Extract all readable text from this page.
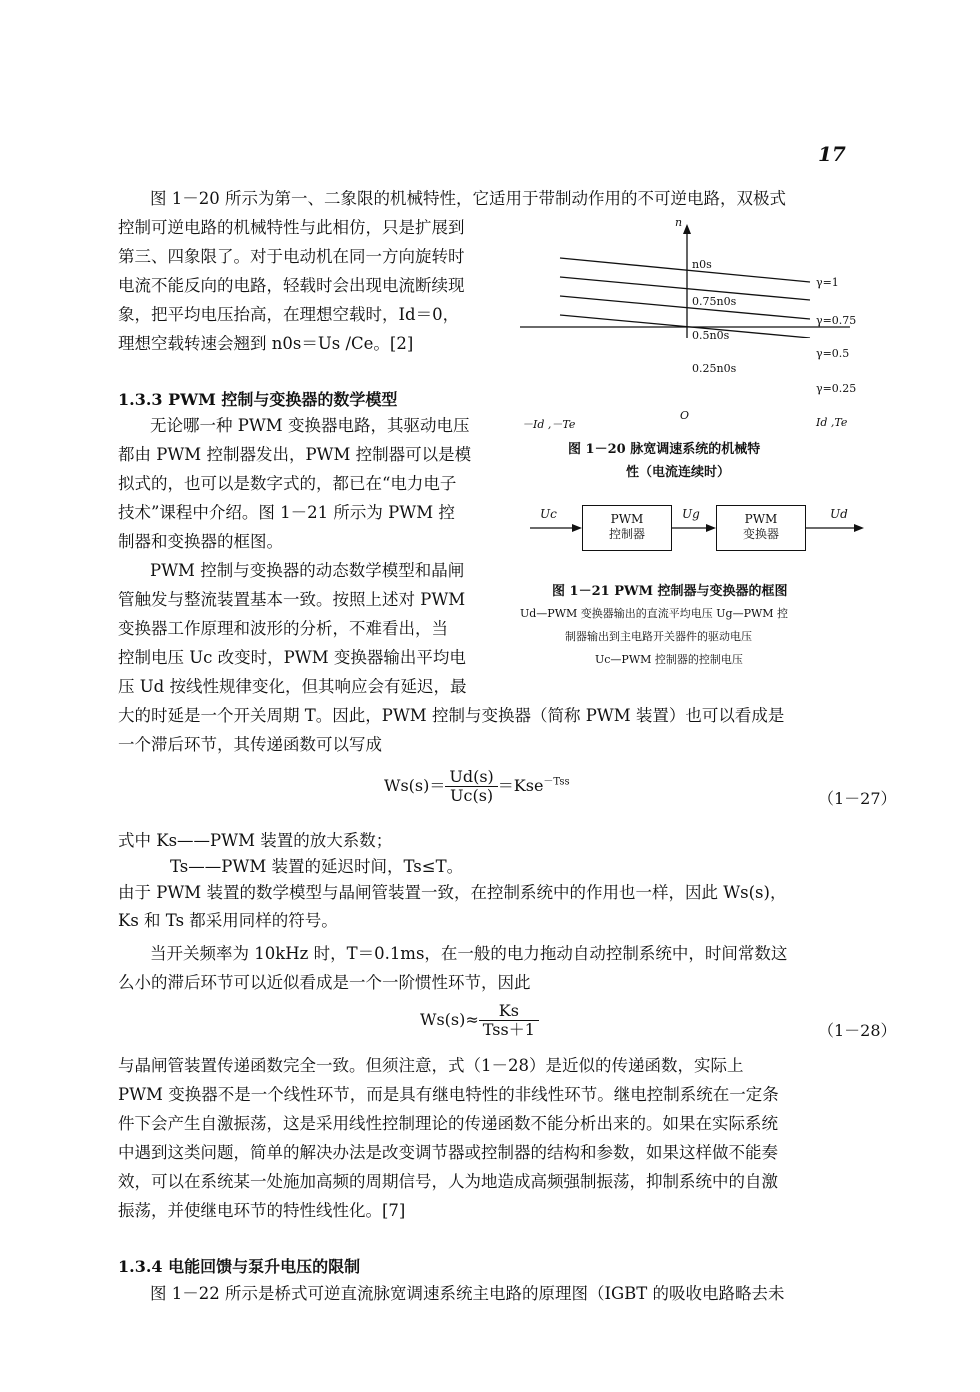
17
图 1－20 所示为第一、二象限的机械特性，它适用于带制动作用的不可逆电路，双极式
控制可逆电路的机械特性与此相仿，只是扩展到
第三、四象限了。对于电动机在同一方向旋转时
电流不能反向的电路，轻载时会出现电流断续现
象，把平均电压抬高，在理想空载时，Id＝0，
理想空载转速会翘到 n0s＝Us /Ce。[2]
1.3.3 PWM 控制与变换器的数学模型
无论哪一种 PWM 变换器电路，其驱动电压
都由 PWM 控制器发出，PWM 控制器可以是模
拟式的，也可以是数字式的，都已在“电力电子
技术”课程中介绍。图 1－21 所示为 PWM 控
制器和变换器的框图。
PWM 控制与变换器的动态数学模型和晶闸
管触发与整流装置基本一致。按照上述对 PWM
变换器工作原理和波形的分析，不难看出，当
控制电压 Uc 改变时，PWM 变换器输出平均电
压 Ud 按线性规律变化，但其响应会有延迟，最
大的时延是一个开关周期 T。因此，PWM 控制与变换器（简称 PWM 装置）也可以看成是
一个滞后环节，其传递函数可以写成
$Ws(s)= \frac{Ud(s)}{Uc(s)} =Kse^{-Tss}$
（1－27）
式中 Ks——PWM 装置的放大系数；
Ts——PWM 装置的延迟时间，Ts≤T。
由于 PWM 装置的数学模型与晶闸管装置一致，在控制系统中的作用也一样，因此 Ws(s)，
Ks 和 Ts 都采用同样的符号。
当开关频率为 10kHz 时，T＝0.1ms，在一般的电力拖动自动控制系统中，时间常数这
么小的滞后环节可以近似看成是一个一阶惯性环节，因此
$Ws(s)\approx \frac{Ks}{\text{Tss＋1}}$	（1－28）
与晶闸管装置传递函数完全一致。但须注意，式（1－28）是近似的传递函数，实际上
PWM 变换器不是一个线性环节，而是具有继电特性的非线性环节。继电控制系统在一定条
件下会产生自激振荡，这是采用线性控制理论的传递函数不能分析出来的。如果在实际系统
中遇到这类问题，简单的解决办法是改变调节器或控制器的结构和参数，如果这样做不能奏
效，可以在系统某一处施加高频的周期信号，人为地造成高频强制振荡，抑制系统中的自激
振荡，并使继电环节的特性线性化。[7]
1.3.4 电能回馈与泵升电压的限制
图 1－22 所示是桥式可逆直流脉宽调速系统主电路的原理图（IGBT 的吸收电路略去未
n
n0s
γ=1
0.75n0s
γ=0.75
0.5n0s
γ=0.5
0.25n0s
γ=0.25
O
－Id ,－Te	Id ,Te
图 1－20 脉宽调速系统的机械特
性（电流连续时）
PWM
控制器
PWM
变换器
Uc	Ug	Ud
图 1－21 PWM 控制器与变换器的框图
Ud—PWM 变换器输出的直流平均电压 Ug—PWM 控
制器输出到主电路开关器件的驱动电压
Uc—PWM 控制器的控制电压
